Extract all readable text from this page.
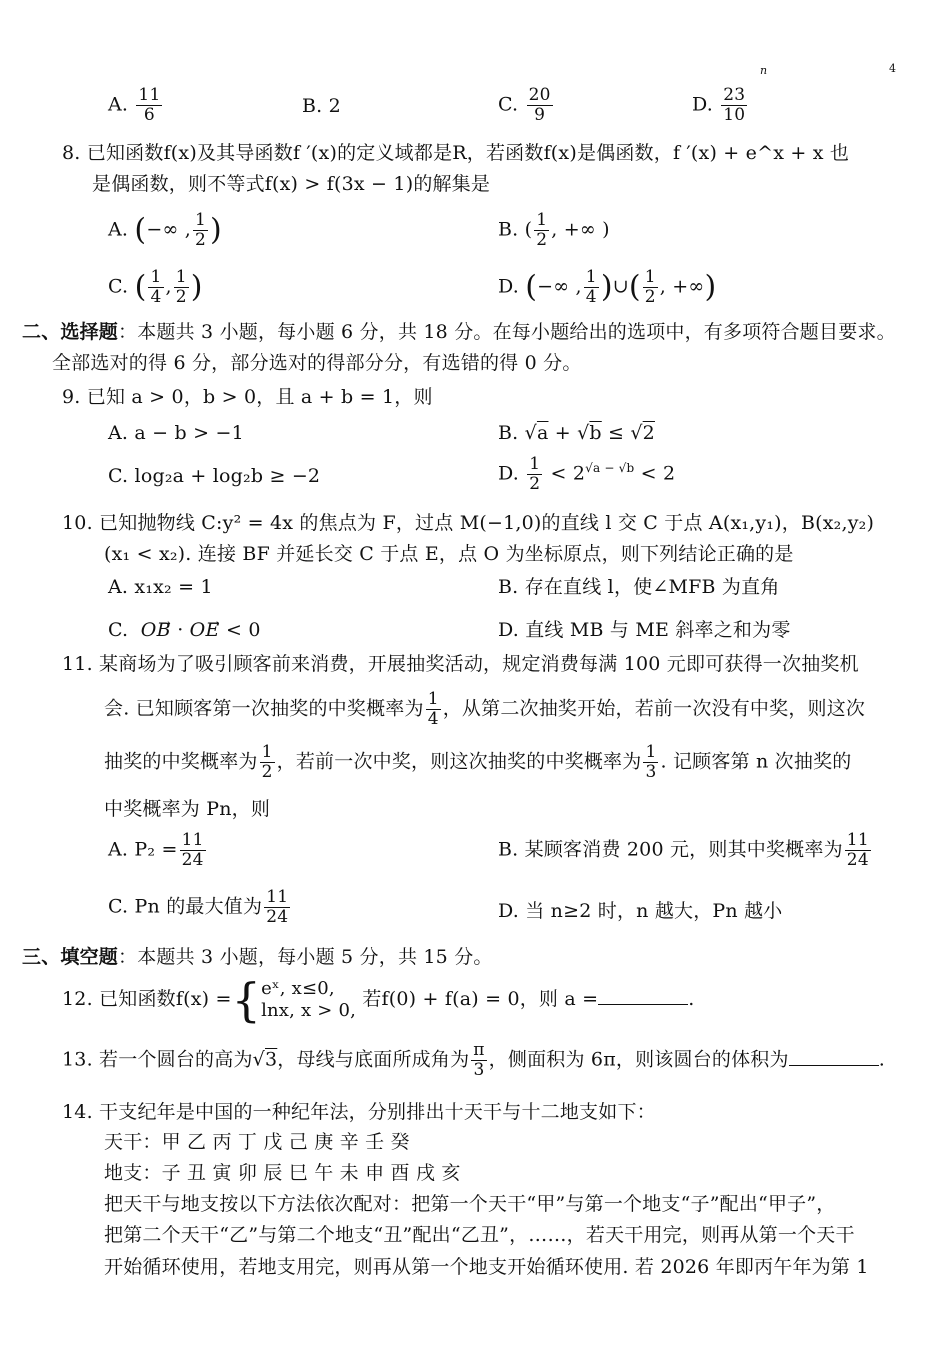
n	4
A. $\frac{11}{6}$	B. 2	C. $\frac{20}{9}$	D. $\frac{23}{10}$
8. 已知函数f(x)及其导函数f ′(x)的定义域都是R，若函数f(x)是偶函数，f ′(x) + e^x + x 也
是偶函数，则不等式f(x) > f(3x − 1)的解集是
A. (−∞ , $\frac{1}{2}$ )	B. ( $\frac{1}{2}$ , +∞ )
C. ( $\frac{1}{4}$ , $\frac{1}{2}$ )	D. (−∞ , $\frac{1}{4}$ )∪( $\frac{1}{2}$ , +∞)
二、选择题：本题共 3 小题，每小题 6 分，共 18 分。在每小题给出的选项中，有多项符合题目要求。
全部选对的得 6 分，部分选对的得部分分，有选错的得 0 分。
9. 已知 a > 0，b > 0，且 a + b = 1，则
A. a − b > −1	B. √a + √b ≤ √2
C. log₂a + log₂b ≥ −2	D. $\frac{1}{2} < 2^{√a - √b} < 2$
10. 已知抛物线 C:y² = 4x 的焦点为 F，过点 M(−1,0)的直线 l 交 C 于点 A(x₁,y₁)，B(x₂,y₂)
(x₁ < x₂). 连接 BF 并延长交 C 于点 E，点 O 为坐标原点，则下列结论正确的是
A. x₁x₂ = 1	B. 存在直线 l，使∠MFB 为直角
C. OB⃗ · OE⃗ < 0	D. 直线 MB 与 ME 斜率之和为零
11. 某商场为了吸引顾客前来消费，开展抽奖活动，规定消费每满 100 元即可获得一次抽奖机
会. 已知顾客第一次抽奖的中奖概率为 $\frac{1}{4}$ ，从第二次抽奖开始，若前一次没有中奖，则这次
抽奖的中奖概率为 $\frac{1}{2}$ ，若前一次中奖，则这次抽奖的中奖概率为 $\frac{1}{3}$ . 记顾客第 n 次抽奖的
中奖概率为 Pn，则
A. $P_2 = \frac{11}{24}$	B. 某顾客消费 200 元，则其中奖概率为 $\frac{11}{24}$
C. Pn 的最大值为 $\frac{11}{24}$	D. 当 n≥2 时，n 越大，Pn 越小
三、填空题：本题共 3 小题，每小题 5 分，共 15 分。
12. 已知函数f(x) ={ eˣ, x≤0,
lnx, x > 0,
若f(0) + f(a) = 0，则 a =	.
13. 若一个圆台的高为√3，母线与底面所成角为 $\frac{\pi}{3}$ ，侧面积为 6π，则该圆台的体积为	.
14. 干支纪年是中国的一种纪年法，分别排出十天干与十二地支如下：
天干：甲 乙 丙 丁 戊 己 庚 辛 壬 癸
地支：子 丑 寅 卯 辰 巳 午 未 申 酉 戌 亥
把天干与地支按以下方法依次配对：把第一个天干“甲”与第一个地支“子”配出“甲子”，
把第二个天干“乙”与第二个地支“丑”配出“乙丑”，……，若天干用完，则再从第一个天干
开始循环使用，若地支用完，则再从第一个地支开始循环使用. 若 2026 年即丙午年为第 1
